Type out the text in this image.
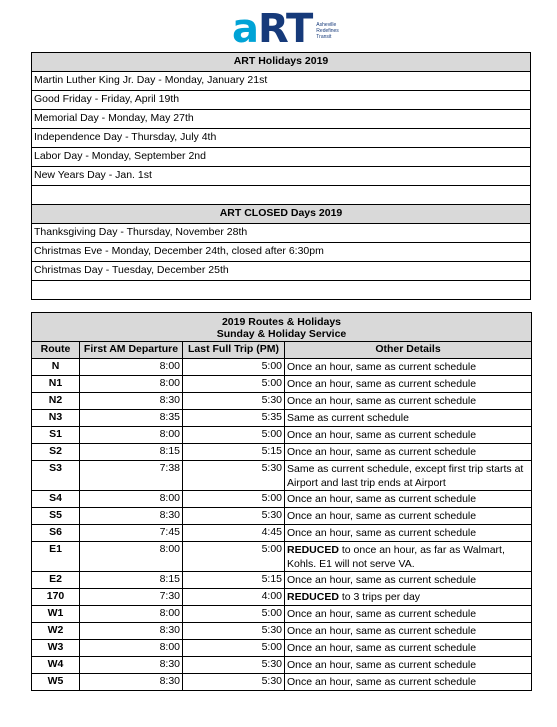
aRT Asheville
Redefines
Transit
ART Holidays 2019
Martin Luther King Jr. Day - Monday, January 21st
Good Friday - Friday, April 19th
Memorial Day - Monday, May 27th
Independence Day - Thursday, July 4th
Labor Day - Monday, September 2nd
New Years Day - Jan. 1st

ART CLOSED Days 2019
Thanksgiving Day - Thursday, November 28th
Christmas Eve - Monday, December 24th, closed after 6:30pm
Christmas Day - Tuesday, December 25th

2019 Routes & Holidays
Sunday & Holiday Service			

Route	First AM Departure	Last Full Trip (PM)	Other Details
N	8:00	5:00	Once an hour, same as current schedule
N1	8:00	5:00	Once an hour, same as current schedule
N2	8:30	5:30	Once an hour, same as current schedule
N3	8:35	5:35	Same as current schedule
S1	8:00	5:00	Once an hour, same as current schedule
S2	8:15	5:15	Once an hour, same as current schedule
S3	7:38	5:30	Same as current schedule, except first trip starts at Airport and last trip ends at Airport
S4	8:00	5:00	Once an hour, same as current schedule
S5	8:30	5:30	Once an hour, same as current schedule
S6	7:45	4:45	Once an hour, same as current schedule
E1	8:00	5:00	REDUCED to once an hour, as far as Walmart, Kohls. E1 will not serve VA.
E2	8:15	5:15	Once an hour, same as current schedule
170	7:30	4:00	REDUCED to 3 trips per day
W1	8:00	5:00	Once an hour, same as current schedule
W2	8:30	5:30	Once an hour, same as current schedule
W3	8:00	5:00	Once an hour, same as current schedule
W4	8:30	5:30	Once an hour, same as current schedule
W5	8:30	5:30	Once an hour, same as current schedule
